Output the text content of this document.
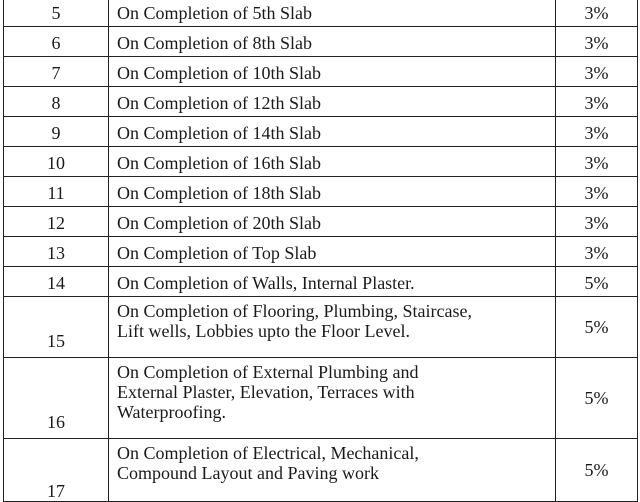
5	On Completion of 5th Slab	3%
6	On Completion of 8th Slab	3%
7	On Completion of 10th Slab	3%
8	On Completion of 12th Slab	3%
9	On Completion of 14th Slab	3%
10	On Completion of 16th Slab	3%
11	On Completion of 18th Slab	3%
12	On Completion of 20th Slab	3%
13	On Completion of Top Slab	3%
14	On Completion of Walls, Internal Plaster.	5%
15	On Completion of Flooring, Plumbing, Staircase,
Lift wells, Lobbies upto the Floor Level.	5%
16	On Completion of External Plumbing and
External Plaster, Elevation, Terraces with
Waterproofing.	5%
17	On Completion of Electrical, Mechanical,
Compound Layout and Paving work	5%
